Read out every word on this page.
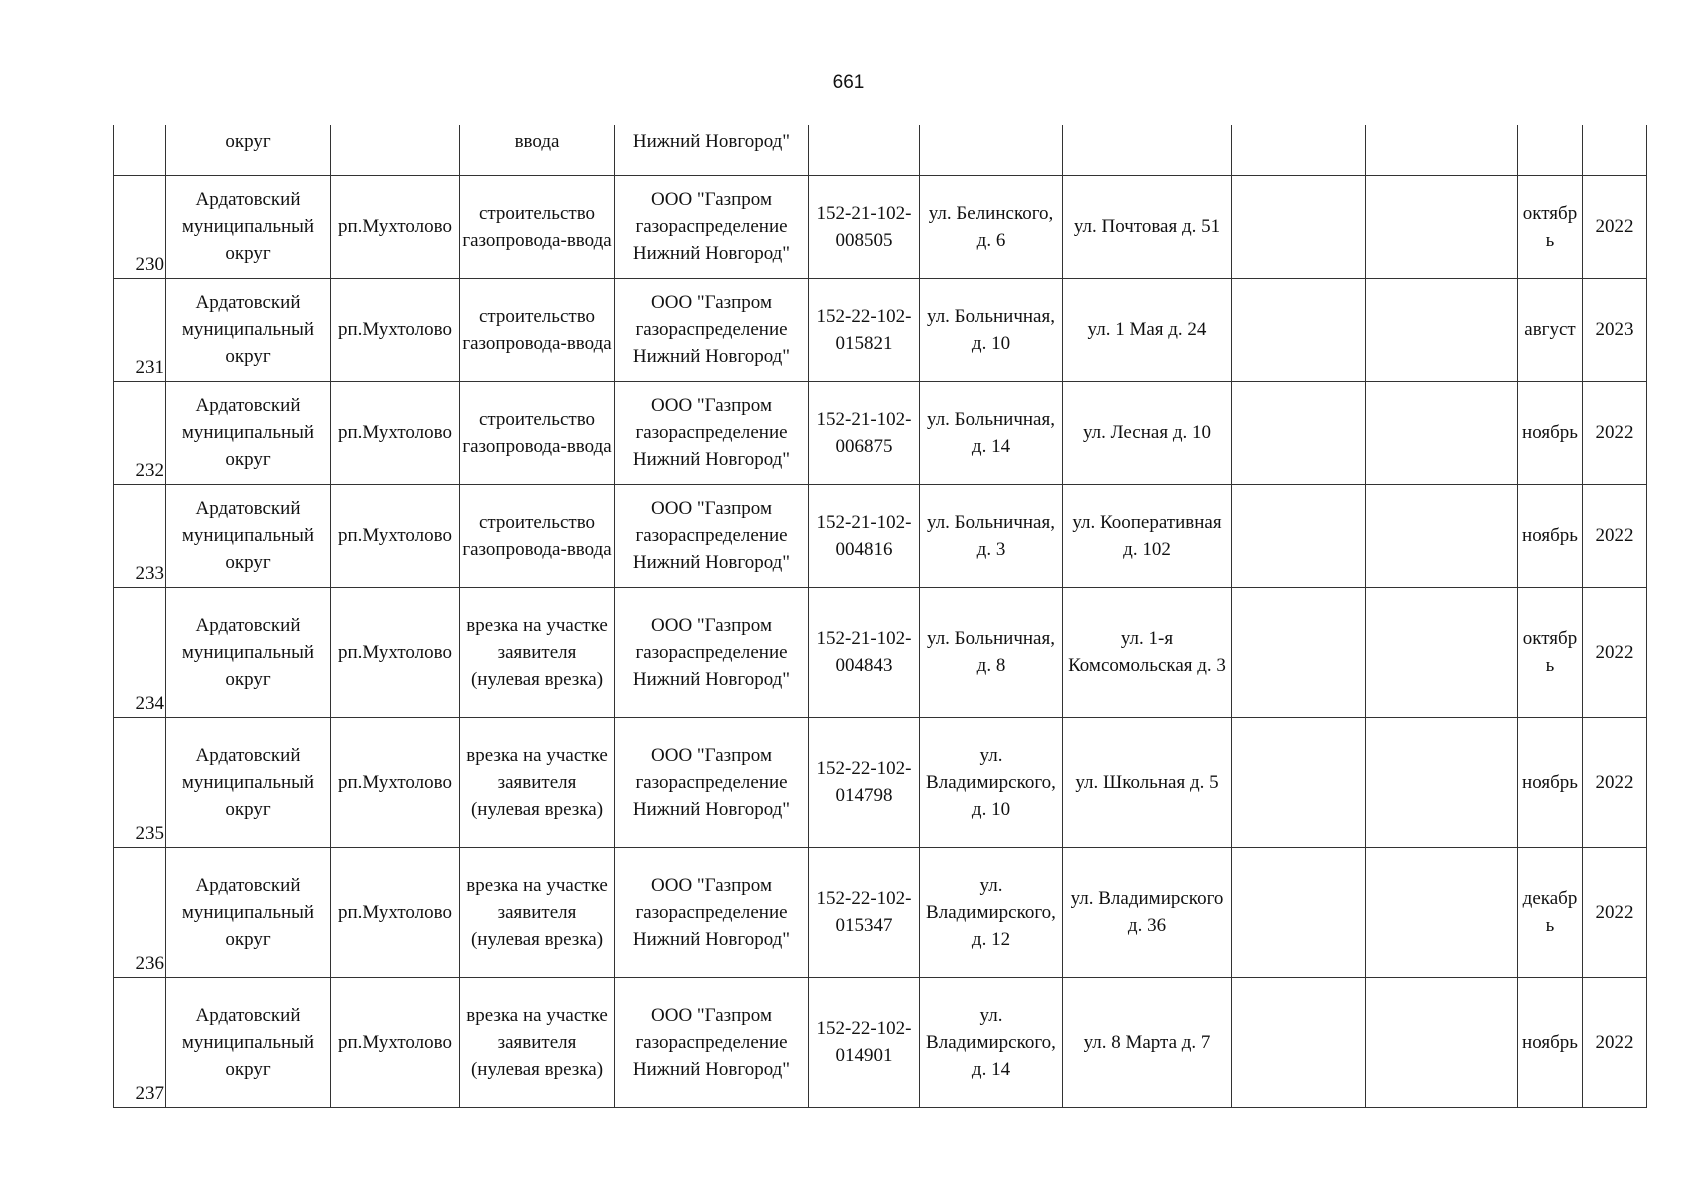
661
	округ		ввода	Нижний Новгород"							
230	Ардатовский муниципальный округ	рп.Мухтолово	строительство газопровода-ввода	ООО "Газпром газораспределение Нижний Новгород"	152-21-102-008505	ул. Белинского, д. 6	ул. Почтовая д. 51			октябрь	2022
231	Ардатовский муниципальный округ	рп.Мухтолово	строительство газопровода-ввода	ООО "Газпром газораспределение Нижний Новгород"	152-22-102-015821	ул. Больничная, д. 10	ул. 1 Мая д. 24			август	2023
232	Ардатовский муниципальный округ	рп.Мухтолово	строительство газопровода-ввода	ООО "Газпром газораспределение Нижний Новгород"	152-21-102-006875	ул. Больничная, д. 14	ул. Лесная д. 10			ноябрь	2022
233	Ардатовский муниципальный округ	рп.Мухтолово	строительство газопровода-ввода	ООО "Газпром газораспределение Нижний Новгород"	152-21-102-004816	ул. Больничная, д. 3	ул. Кооперативная д. 102			ноябрь	2022
234	Ардатовский муниципальный округ	рп.Мухтолово	врезка на участке заявителя (нулевая врезка)	ООО "Газпром газораспределение Нижний Новгород"	152-21-102-004843	ул. Больничная, д. 8	ул. 1-я Комсомольская д. 3			октябрь	2022
235	Ардатовский муниципальный округ	рп.Мухтолово	врезка на участке заявителя (нулевая врезка)	ООО "Газпром газораспределение Нижний Новгород"	152-22-102-014798	ул. Владимирского, д. 10	ул. Школьная д. 5			ноябрь	2022
236	Ардатовский муниципальный округ	рп.Мухтолово	врезка на участке заявителя (нулевая врезка)	ООО "Газпром газораспределение Нижний Новгород"	152-22-102-015347	ул. Владимирского, д. 12	ул. Владимирского д. 36			декабрь	2022
237	Ардатовский муниципальный округ	рп.Мухтолово	врезка на участке заявителя (нулевая врезка)	ООО "Газпром газораспределение Нижний Новгород"	152-22-102-014901	ул. Владимирского, д. 14	ул. 8 Марта д. 7			ноябрь	2022
